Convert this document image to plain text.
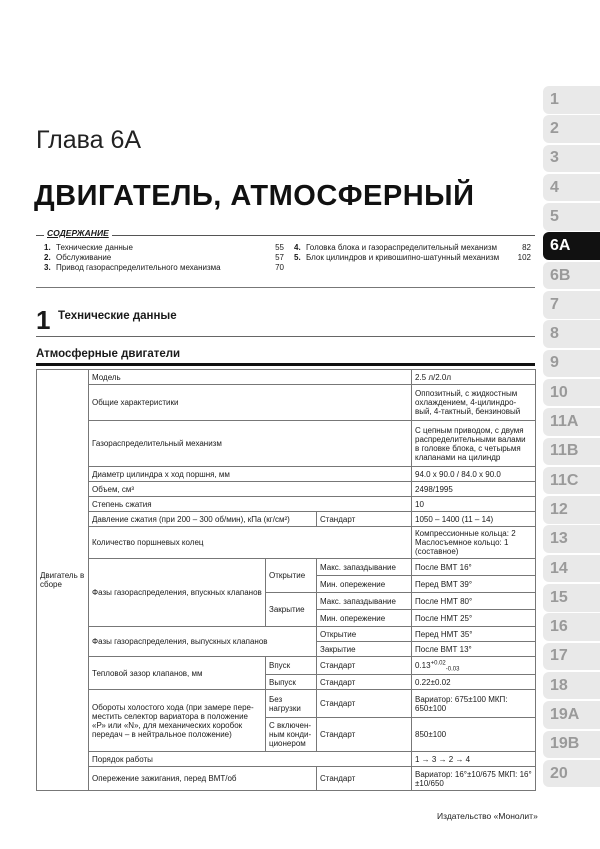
Глава 6А
ДВИГАТЕЛЬ, АТМОСФЕРНЫЙ
СОДЕРЖАНИЕ
1. Технические данные	55
2. Обслуживание	57
3. Привод газораспределительного механизма	70
4. Головка блока и газораспределительный механизм	82
5. Блок цилиндров и кривошипно-шатунный механизм	102
1 Технические данные
Атмосферные двигатели
Двигатель в сборе	Модель			2.5 л/2.0л
	Общие характеристики			Оппозитный, с жидкостным охлаждением, 4-цилиндро-вый, 4-тактный, бензиновый
	Газораспределительный механизм			С цепным приводом, с двумя распределительными валами в головке блока, с четырьмя клапанами на цилиндр
	Диаметр цилиндра x ход поршня, мм			94.0 x 90.0 / 84.0 x 90.0
	Объем, см³			2498/1995
	Степень сжатия			10
	Давление сжатия (при 200 – 300 об/мин), кПа (кг/см²)		Стандарт	1050 – 1400 (11 – 14)
	Количество поршневых колец			Компрессионные кольца: 2 Маслосъемное кольцо: 1 (составное)
	Фазы газораспределения, впускных клапанов	Открытие	Макс. запаздывание	После ВМТ 16°
			Мин. опережение	Перед ВМТ 39°
		Закрытие	Макс. запаздывание	После НМТ 80°
			Мин. опережение	После НМТ 25°
	Фазы газораспределения, выпускных клапанов		Открытие	Перед НМТ 35°
			Закрытие	После ВМТ 13°
	Тепловой зазор клапанов, мм	Впуск	Стандарт	$0.13^{+0.02}_{-0.03}$
		Выпуск	Стандарт	0.22±0.02
	Обороты холостого хода (при замере пере-местить селектор вариатора в положение «Р» или «N», для механических коробок передач – в нейтральное положение)	Без нагрузки	Стандарт	Вариатор: 675±100 МКП: 650±100
		С включен-ным конди-ционером	Стандарт	850±100
	Порядок работы			1 → 3 → 2 → 4
	Опережение зажигания, перед ВМТ/об		Стандарт	Вариатор: 16°±10/675 МКП: 16°±10/650
1
2
3
4
5
6A
6B
7
8
9
10
11A
11B
11C
12
13
14
15
16
17
18
19A
19B
20
Издательство «Монолит»
